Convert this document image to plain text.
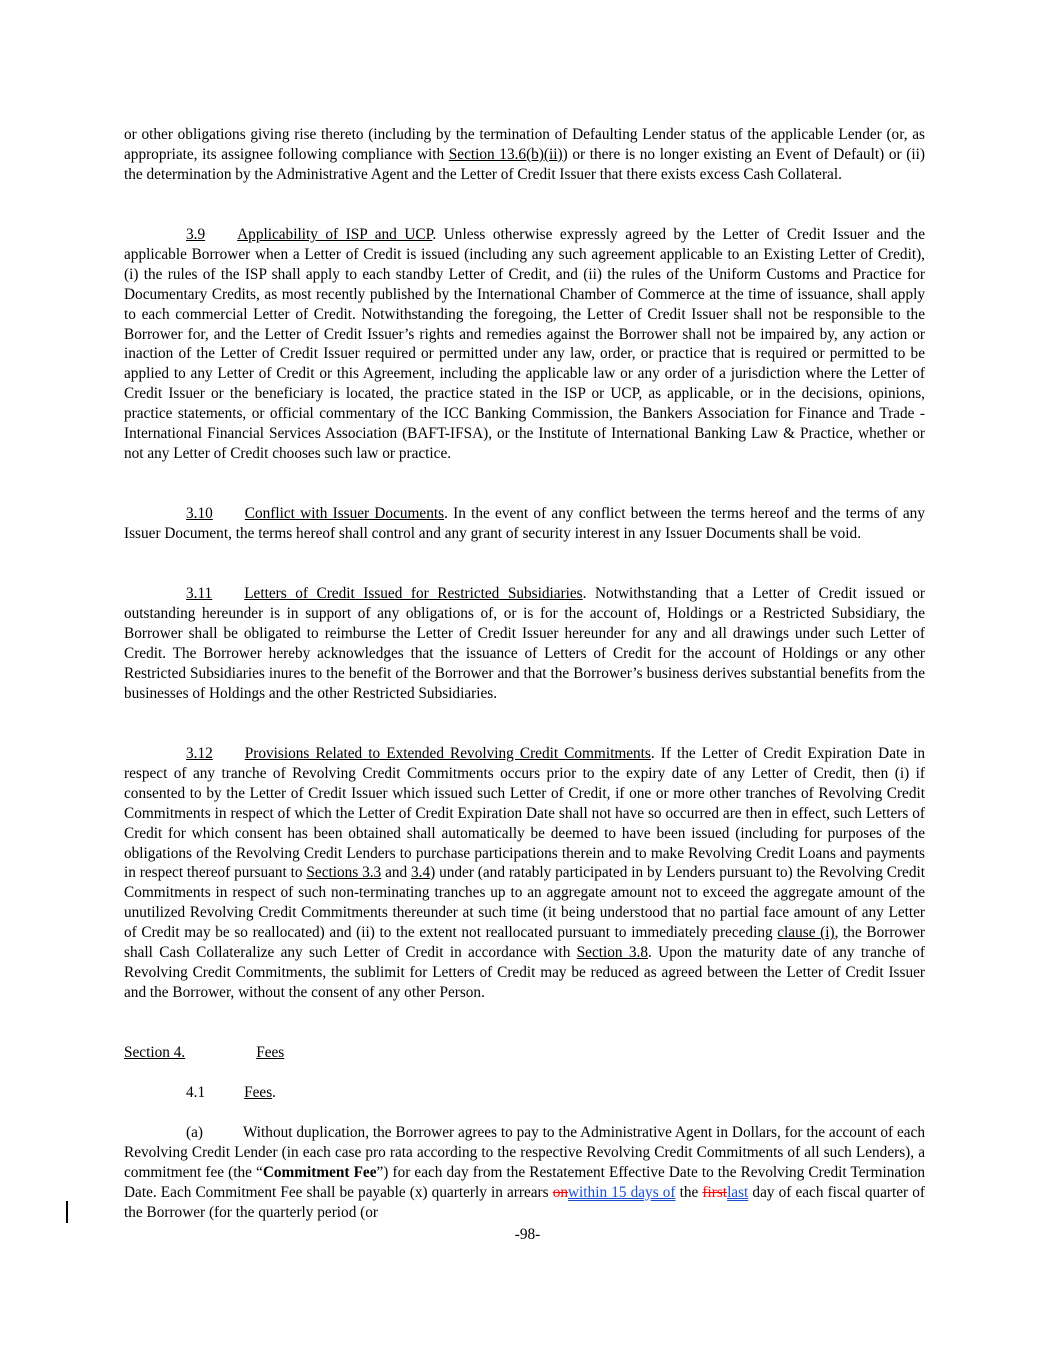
or other obligations giving rise thereto (including by the termination of Defaulting Lender status of the applicable Lender (or, as appropriate, its assignee following compliance with Section 13.6(b)(ii)) or there is no longer existing an Event of Default) or (ii) the determination by the Administrative Agent and the Letter of Credit Issuer that there exists excess Cash Collateral.

3.9 Applicability of ISP and UCP. Unless otherwise expressly agreed by the Letter of Credit Issuer and the applicable Borrower when a Letter of Credit is issued (including any such agreement applicable to an Existing Letter of Credit), (i) the rules of the ISP shall apply to each standby Letter of Credit, and (ii) the rules of the Uniform Customs and Practice for Documentary Credits, as most recently published by the International Chamber of Commerce at the time of issuance, shall apply to each commercial Letter of Credit. Notwithstanding the foregoing, the Letter of Credit Issuer shall not be responsible to the Borrower for, and the Letter of Credit Issuer’s rights and remedies against the Borrower shall not be impaired by, any action or inaction of the Letter of Credit Issuer required or permitted under any law, order, or practice that is required or permitted to be applied to any Letter of Credit or this Agreement, including the applicable law or any order of a jurisdiction where the Letter of Credit Issuer or the beneficiary is located, the practice stated in the ISP or UCP, as applicable, or in the decisions, opinions, practice statements, or official commentary of the ICC Banking Commission, the Bankers Association for Finance and Trade - International Financial Services Association (BAFT-IFSA), or the Institute of International Banking Law & Practice, whether or not any Letter of Credit chooses such law or practice.

3.10 Conflict with Issuer Documents. In the event of any conflict between the terms hereof and the terms of any Issuer Document, the terms hereof shall control and any grant of security interest in any Issuer Documents shall be void.

3.11 Letters of Credit Issued for Restricted Subsidiaries. Notwithstanding that a Letter of Credit issued or outstanding hereunder is in support of any obligations of, or is for the account of, Holdings or a Restricted Subsidiary, the Borrower shall be obligated to reimburse the Letter of Credit Issuer hereunder for any and all drawings under such Letter of Credit. The Borrower hereby acknowledges that the issuance of Letters of Credit for the account of Holdings or any other Restricted Subsidiaries inures to the benefit of the Borrower and that the Borrower’s business derives substantial benefits from the businesses of Holdings and the other Restricted Subsidiaries.

3.12 Provisions Related to Extended Revolving Credit Commitments. If the Letter of Credit Expiration Date in respect of any tranche of Revolving Credit Commitments occurs prior to the expiry date of any Letter of Credit, then (i) if consented to by the Letter of Credit Issuer which issued such Letter of Credit, if one or more other tranches of Revolving Credit Commitments in respect of which the Letter of Credit Expiration Date shall not have so occurred are then in effect, such Letters of Credit for which consent has been obtained shall automatically be deemed to have been issued (including for purposes of the obligations of the Revolving Credit Lenders to purchase participations therein and to make Revolving Credit Loans and payments in respect thereof pursuant to Sections 3.3 and 3.4) under (and ratably participated in by Lenders pursuant to) the Revolving Credit Commitments in respect of such non-terminating tranches up to an aggregate amount not to exceed the aggregate amount of the unutilized Revolving Credit Commitments thereunder at such time (it being understood that no partial face amount of any Letter of Credit may be so reallocated) and (ii) to the extent not reallocated pursuant to immediately preceding clause (i), the Borrower shall Cash Collateralize any such Letter of Credit in accordance with Section 3.8. Upon the maturity date of any tranche of Revolving Credit Commitments, the sublimit for Letters of Credit may be reduced as agreed between the Letter of Credit Issuer and the Borrower, without the consent of any other Person.

Section 4.	Fees

4.1	Fees.

(a)	Without duplication, the Borrower agrees to pay to the Administrative Agent in Dollars, for the account of each Revolving Credit Lender (in each case pro rata according to the respective Revolving Credit Commitments of all such Lenders), a commitment fee (the “Commitment Fee”) for each day from the Restatement Effective Date to the Revolving Credit Termination Date. Each Commitment Fee shall be payable (x) quarterly in arrears onwithin 15 days of the firstlast day of each fiscal quarter of the Borrower (for the quarterly period (or

-98-
